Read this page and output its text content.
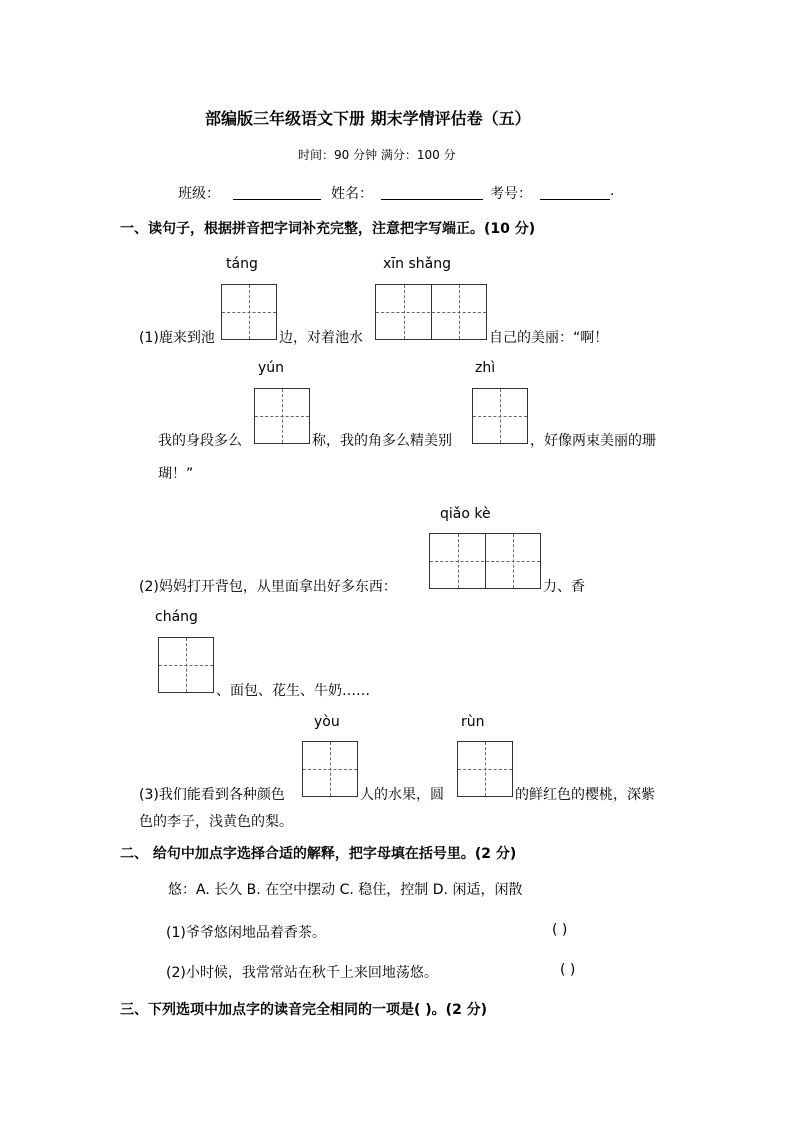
部编版三年级语文下册 期末学情评估卷（五）
时间：90 分钟 满分：100 分
班级：	姓名：	考号：	.
一、读句子，根据拼音把字词补充完整，注意把字写端正。(10 分)
táng	xīn shǎng
(1)鹿来到池	边，对着池水	自己的美丽：“啊！
yún	zhì
我的身段多么	称，我的角多么精美别	，好像两束美丽的珊
瑚！”
qiǎo kè
(2)妈妈打开背包，从里面拿出好多东西：	力、香
cháng
、面包、花生、牛奶……
yòu	rùn
(3)我们能看到各种颜色	人的水果，圆	的鲜红色的樱桃，深紫
色的李子，浅黄色的梨。
二、 给句中加点字选择合适的解释，把字母填在括号里。(2 分)
悠：A. 长久 B. 在空中摆动 C. 稳住，控制 D. 闲适，闲散
(1)爷爷悠闲地品着香茶。	( )
(2)小时候，我常常站在秋千上来回地荡悠。	( )
三、下列选项中加点字的读音完全相同的一项是( )。(2 分)
